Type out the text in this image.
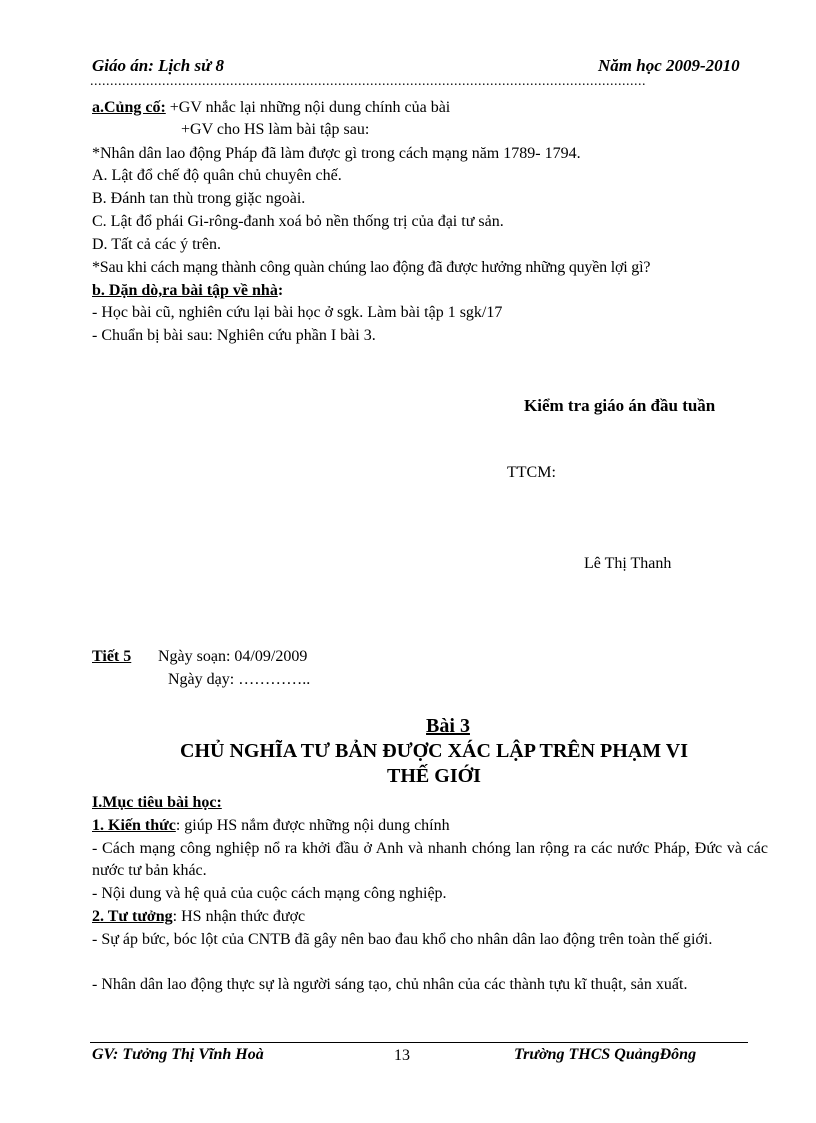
Giáo án: Lịch sử 8	Năm học 2009-2010
...........................................................................................................................................
a.Củng cố: +GV nhắc lại những nội dung chính của bài
+GV cho HS làm bài tập sau:
*Nhân dân lao động Pháp đã làm được gì trong cách mạng năm 1789- 1794.
A. Lật đổ chế độ quân chủ chuyên chế.
B. Đánh tan thù trong giặc ngoài.
C. Lật đổ phái Gi-rông-đanh xoá bỏ nền thống trị của đại tư sản.
D. Tất cả các ý trên.
*Sau khi cách mạng thành công quàn chúng lao động đã được hưởng những quyền lợi gì?
b. Dặn dò,ra bài tập về nhà:
- Học bài cũ, nghiên cứu lại bài học ở sgk. Làm bài tập 1 sgk/17
- Chuẩn bị bài sau: Nghiên cứu phần I bài 3.
Kiểm tra giáo án đầu tuần
TTCM:
Lê Thị Thanh
Tiết 5 Ngày soạn: 04/09/2009
Ngày dạy: …………..
Bài 3
CHỦ NGHĨA TƯ BẢN ĐƯỢC XÁC LẬP TRÊN PHẠM VI
THẾ GIỚI
I.Mục tiêu bài học:
1. Kiến thức: giúp HS nắm được những nội dung chính
- Cách mạng công nghiệp nổ ra khởi đầu ở Anh và nhanh chóng lan rộng ra các nước Pháp, Đức và các nước tư bản khác.
- Nội dung và hệ quả của cuộc cách mạng công nghiệp.
2. Tư tưởng: HS nhận thức được
- Sự áp bức, bóc lột của CNTB đã gây nên bao đau khổ cho nhân dân lao động trên toàn thế giới.
- Nhân dân lao động thực sự là người sáng tạo, chủ nhân của các thành tựu kĩ thuật, sản xuất.
GV: Tưởng Thị Vĩnh Hoà	13	Trường THCS QuảngĐông
